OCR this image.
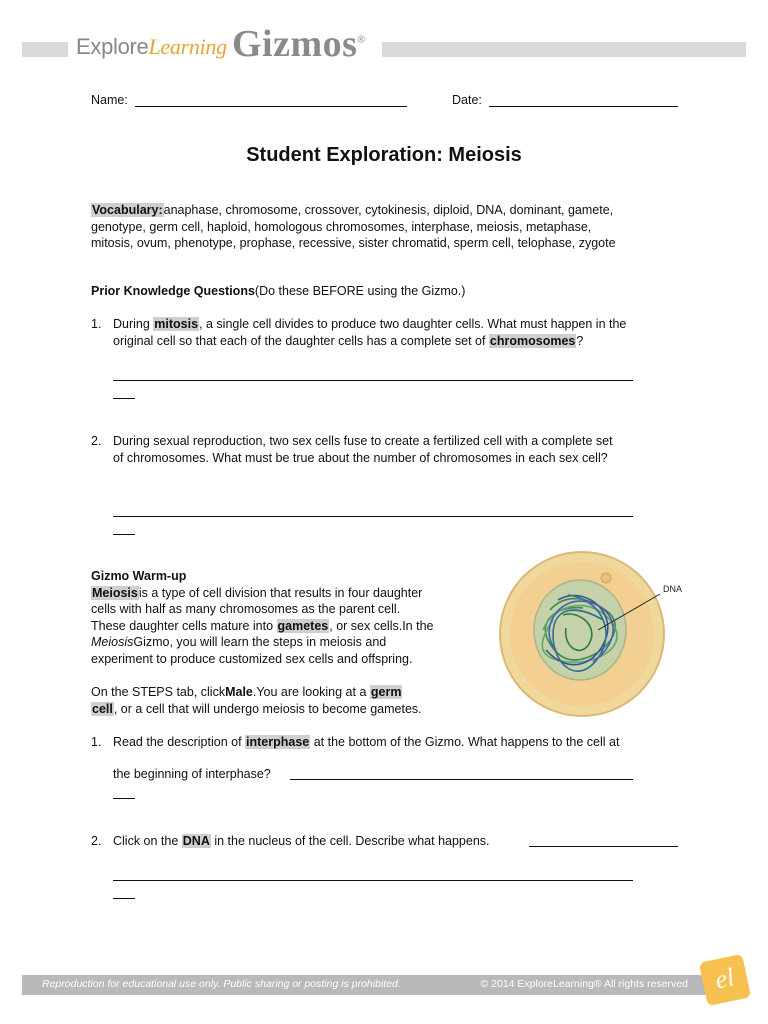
ExploreLearning Gizmos®
Name:	Date:
Student Exploration: Meiosis
Vocabulary:anaphase, chromosome, crossover, cytokinesis, diploid, DNA, dominant, gamete,
genotype, germ cell, haploid, homologous chromosomes, interphase, meiosis, metaphase,
mitosis, ovum, phenotype, prophase, recessive, sister chromatid, sperm cell, telophase, zygote
Prior Knowledge Questions(Do these BEFORE using the Gizmo.)
1. During mitosis, a single cell divides to produce two daughter cells. What must happen in the
original cell so that each of the daughter cells has a complete set of chromosomes?
2. During sexual reproduction, two sex cells fuse to create a fertilized cell with a complete set
of chromosomes. What must be true about the number of chromosomes in each sex cell?
Gizmo Warm-up
Meiosisis a type of cell division that results in four daughter
cells with half as many chromosomes as the parent cell.
These daughter cells mature into gametes, or sex cells.In the
MeiosisGizmo, you will learn the steps in meiosis and
experiment to produce customized sex cells and offspring.
On the STEPS tab, clickMale.You are looking at a germ
cell, or a cell that will undergo meiosis to become gametes.
DNA
1. Read the description of interphase at the bottom of the Gizmo. What happens to the cell at
the beginning of interphase?
2. Click on the DNA in the nucleus of the cell. Describe what happens.
Reproduction for educational use only. Public sharing or posting is prohibited.	© 2014 ExploreLearning® All rights reserved el
